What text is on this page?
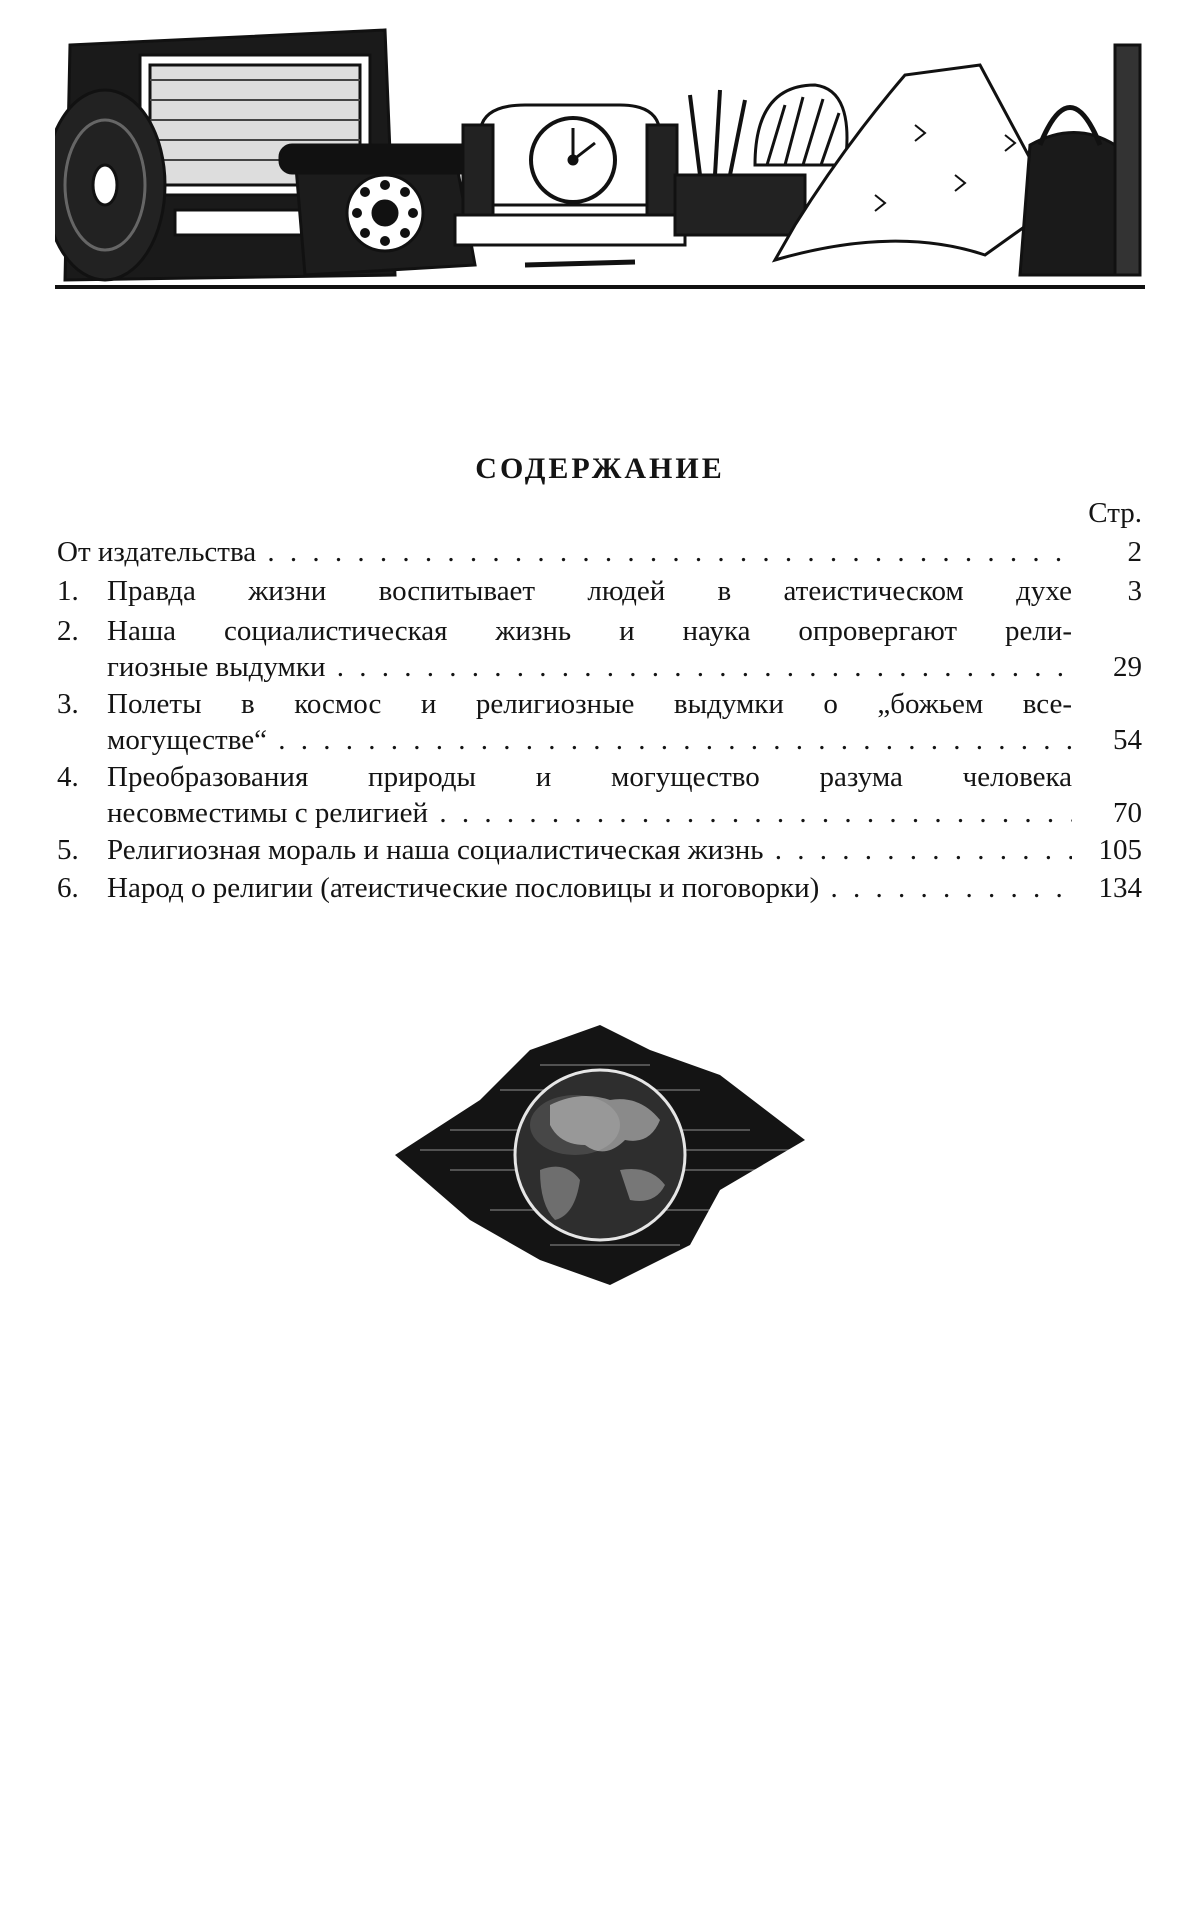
СОДЕРЖАНИЕ
Стр.
От издательства . . .	2
1. Правда жизни воспитывает людей в атеистическом духе	3
2. Наша социалистическая жизнь и наука опровергают рели-
гиозные выдумки . . .	29
3. Полеты в космос и религиозные выдумки о „божьем все-
могуществе“ . . .	54
4. Преобразования природы и могущество разума человека
несовместимы с религией . . .	70
5. Религиозная мораль и наша социалистическая жизнь . . .	105
6. Народ о религии (атеистические пословицы и поговорки) . . .	134
